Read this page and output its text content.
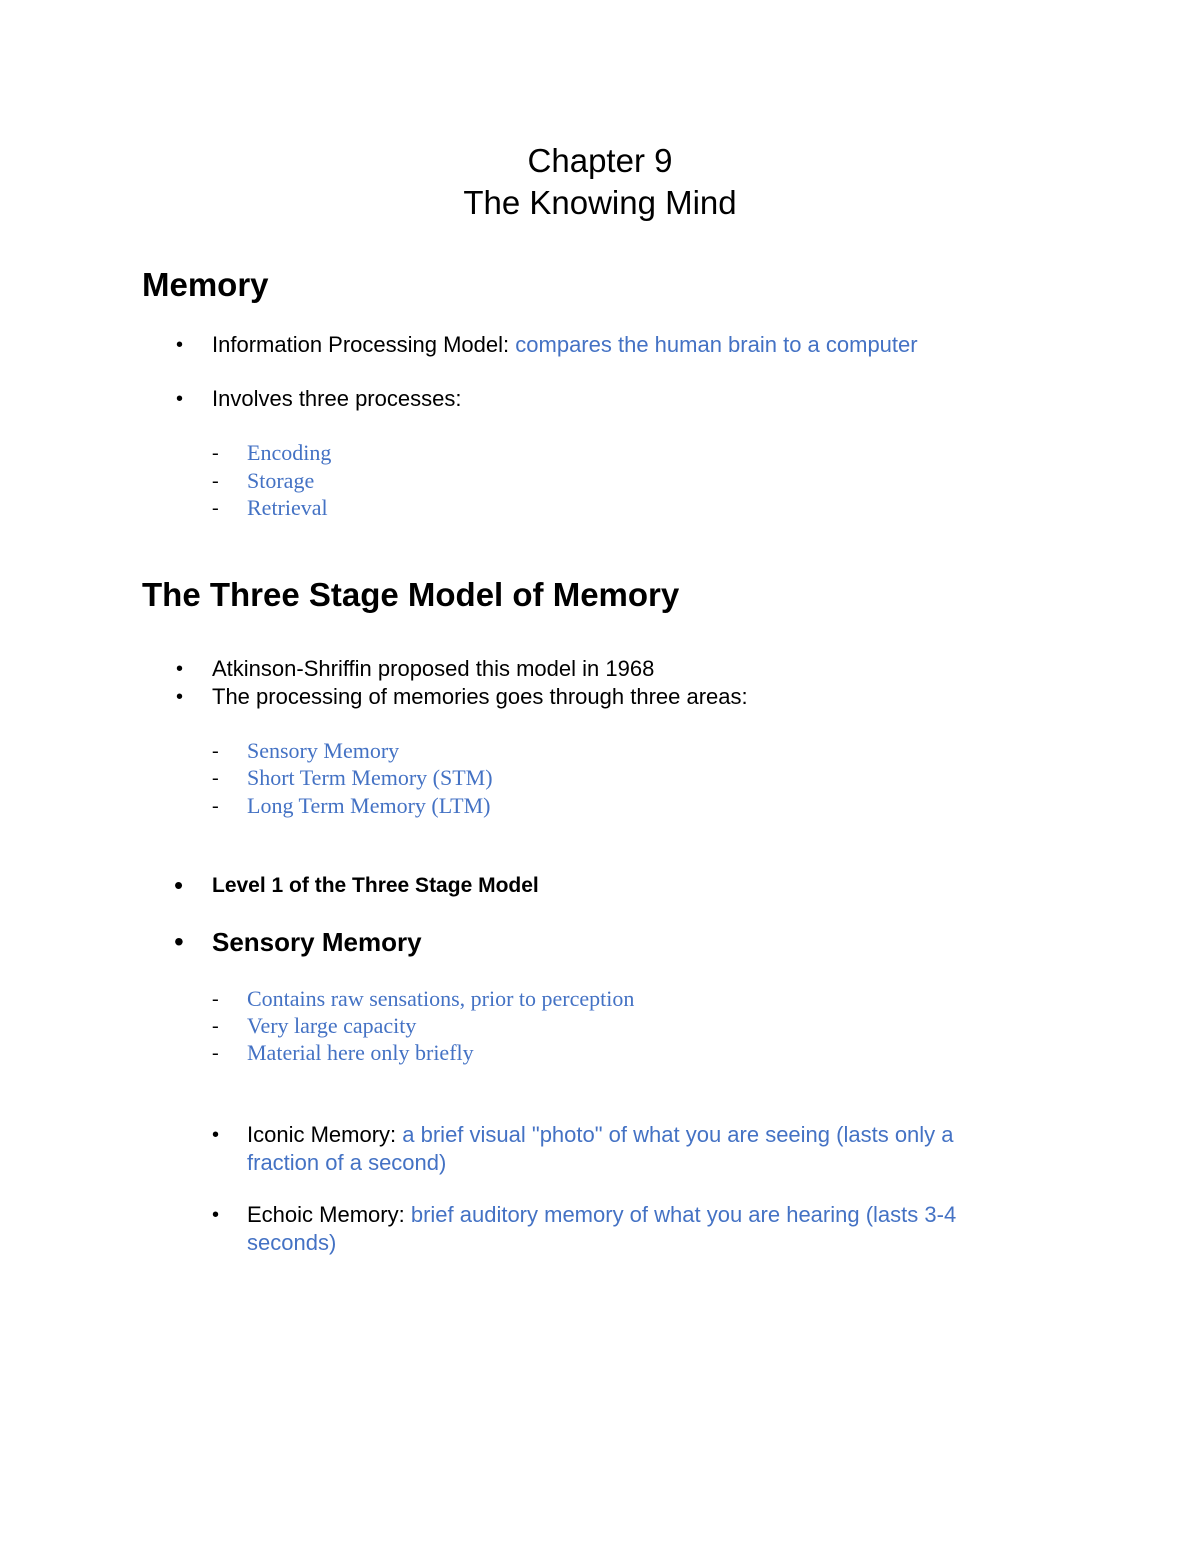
Chapter 9
The Knowing Mind
Memory
• Information Processing Model: compares the human brain to a computer
• Involves three processes:
- Encoding
- Storage
- Retrieval
The Three Stage Model of Memory
• Atkinson-Shriffin proposed this model in 1968
• The processing of memories goes through three areas:
- Sensory Memory
- Short Term Memory (STM)
- Long Term Memory (LTM)
• Level 1 of the Three Stage Model
• Sensory Memory
- Contains raw sensations, prior to perception
- Very large capacity
- Material here only briefly
• Iconic Memory: a brief visual "photo" of what you are seeing (lasts only a fraction of a second)
• Echoic Memory: brief auditory memory of what you are hearing (lasts 3-4 seconds)
